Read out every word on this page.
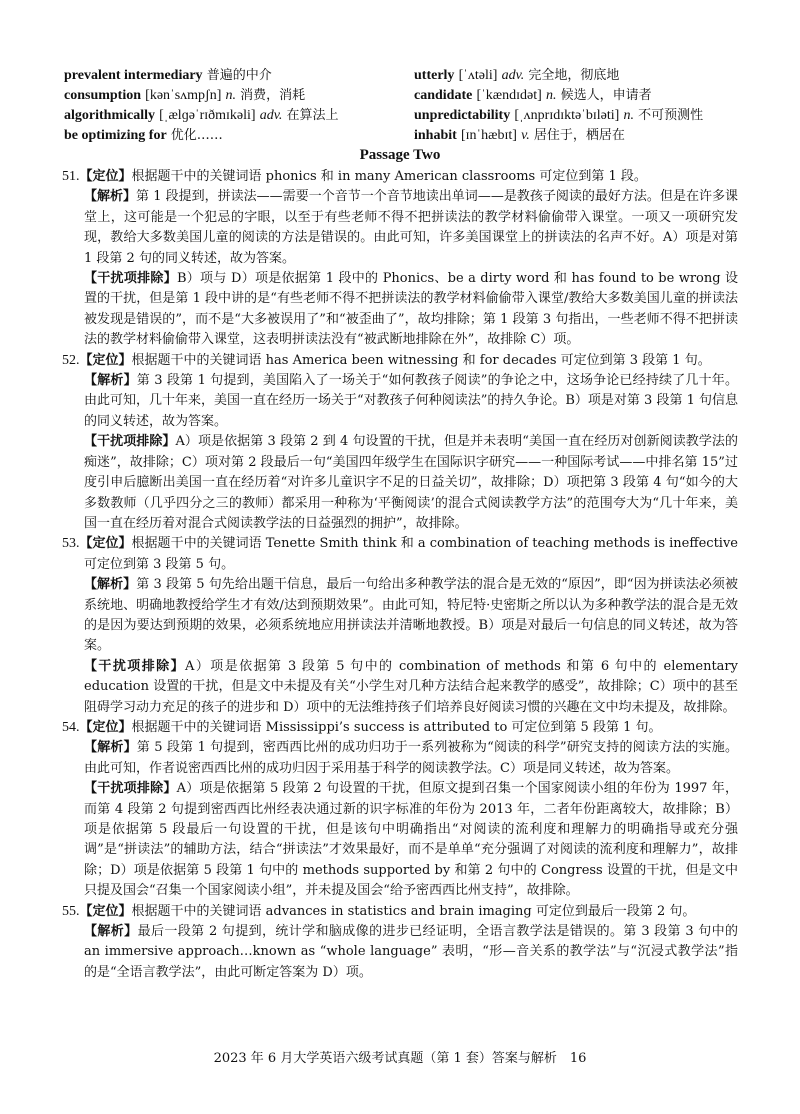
prevalent intermediary 普遍的中介	utterly [ˈʌtəli] adv. 完全地，彻底地
consumption [kənˈsʌmpʃn] n. 消费，消耗	candidate [ˈkændɪdət] n. 候选人，申请者
algorithmically [ˌælɡəˈrɪðmɪkəli] adv. 在算法上	unpredictability [ˌʌnprɪdɪktəˈbɪləti] n. 不可预测性
be optimizing for 优化……	inhabit [ɪnˈhæbɪt] v. 居住于，栖居在
Passage Two
51.【定位】根据题干中的关键词语 phonics 和 in many American classrooms 可定位到第 1 段。
【解析】第 1 段提到，拼读法——需要一个音节一个音节地读出单词——是教孩子阅读的最好方法。但是在许多课堂上，这可能是一个犯忌的字眼，以至于有些老师不得不把拼读法的教学材料偷偷带入课堂。一项又一项研究发现，教给大多数美国儿童的阅读的方法是错误的。由此可知，许多美国课堂上的拼读法的名声不好。A）项是对第 1 段第 2 句的同义转述，故为答案。
【干扰项排除】B）项与 D）项是依据第 1 段中的 Phonics、be a dirty word 和 has found to be wrong 设置的干扰，但是第 1 段中讲的是“有些老师不得不把拼读法的教学材料偷偷带入课堂/教给大多数美国儿童的拼读法被发现是错误的”，而不是“大多被误用了”和“被歪曲了”，故均排除；第 1 段第 3 句指出，一些老师不得不把拼读法的教学材料偷偷带入课堂，这表明拼读法没有“被武断地排除在外”，故排除 C）项。
52.【定位】根据题干中的关键词语 has America been witnessing 和 for decades 可定位到第 3 段第 1 句。
【解析】第 3 段第 1 句提到，美国陷入了一场关于“如何教孩子阅读”的争论之中，这场争论已经持续了几十年。由此可知，几十年来，美国一直在经历一场关于“对教孩子何种阅读法”的持久争论。B）项是对第 3 段第 1 句信息的同义转述，故为答案。
【干扰项排除】A）项是依据第 3 段第 2 到 4 句设置的干扰，但是并未表明“美国一直在经历对创新阅读教学法的痴迷”，故排除；C）项对第 2 段最后一句“美国四年级学生在国际识字研究——一种国际考试——中排名第 15”过度引申后臆断出美国一直在经历着“对许多儿童识字不足的日益关切”，故排除；D）项把第 3 段第 4 句“如今的大多数教师（几乎四分之三的教师）都采用一种称为‘平衡阅读’的混合式阅读教学方法”的范围夸大为“几十年来，美国一直在经历着对混合式阅读教学法的日益强烈的拥护”，故排除。
53.【定位】根据题干中的关键词语 Tenette Smith think 和 a combination of teaching methods is ineffective 可定位到第 3 段第 5 句。
【解析】第 3 段第 5 句先给出题干信息，最后一句给出多种教学法的混合是无效的“原因”，即“因为拼读法必须被系统地、明确地教授给学生才有效/达到预期效果”。由此可知，特尼特·史密斯之所以认为多种教学法的混合是无效的是因为要达到预期的效果，必须系统地应用拼读法并清晰地教授。B）项是对最后一句信息的同义转述，故为答案。
【干扰项排除】A）项是依据第 3 段第 5 句中的 combination of methods 和第 6 句中的 elementary education 设置的干扰，但是文中未提及有关“小学生对几种方法结合起来教学的感受”，故排除；C）项中的甚至阻碍学习动力充足的孩子的进步和 D）项中的无法维持孩子们培养良好阅读习惯的兴趣在文中均未提及，故排除。
54.【定位】根据题干中的关键词语 Mississippi’s success is attributed to 可定位到第 5 段第 1 句。
【解析】第 5 段第 1 句提到，密西西比州的成功归功于一系列被称为“阅读的科学”研究支持的阅读方法的实施。由此可知，作者说密西西比州的成功归因于采用基于科学的阅读教学法。C）项是同义转述，故为答案。
【干扰项排除】A）项是依据第 5 段第 2 句设置的干扰，但原文提到召集一个国家阅读小组的年份为 1997 年，而第 4 段第 2 句提到密西西比州经表决通过新的识字标准的年份为 2013 年，二者年份距离较大，故排除；B）项是依据第 5 段最后一句设置的干扰，但是该句中明确指出“对阅读的流利度和理解力的明确指导或充分强调”是“拼读法”的辅助方法，结合“拼读法”才效果最好，而不是单单“充分强调了对阅读的流利度和理解力”，故排除；D）项是依据第 5 段第 1 句中的 methods supported by 和第 2 句中的 Congress 设置的干扰，但是文中只提及国会“召集一个国家阅读小组”，并未提及国会“给予密西西比州支持”，故排除。
55.【定位】根据题干中的关键词语 advances in statistics and brain imaging 可定位到最后一段第 2 句。
【解析】最后一段第 2 句提到，统计学和脑成像的进步已经证明，全语言教学法是错误的。第 3 段第 3 句中的 an immersive approach…known as “whole language” 表明，“形—音关系的教学法”与“沉浸式教学法”指的是“全语言教学法”，由此可断定答案为 D）项。
2023 年 6 月大学英语六级考试真题（第 1 套）答案与解析　16
